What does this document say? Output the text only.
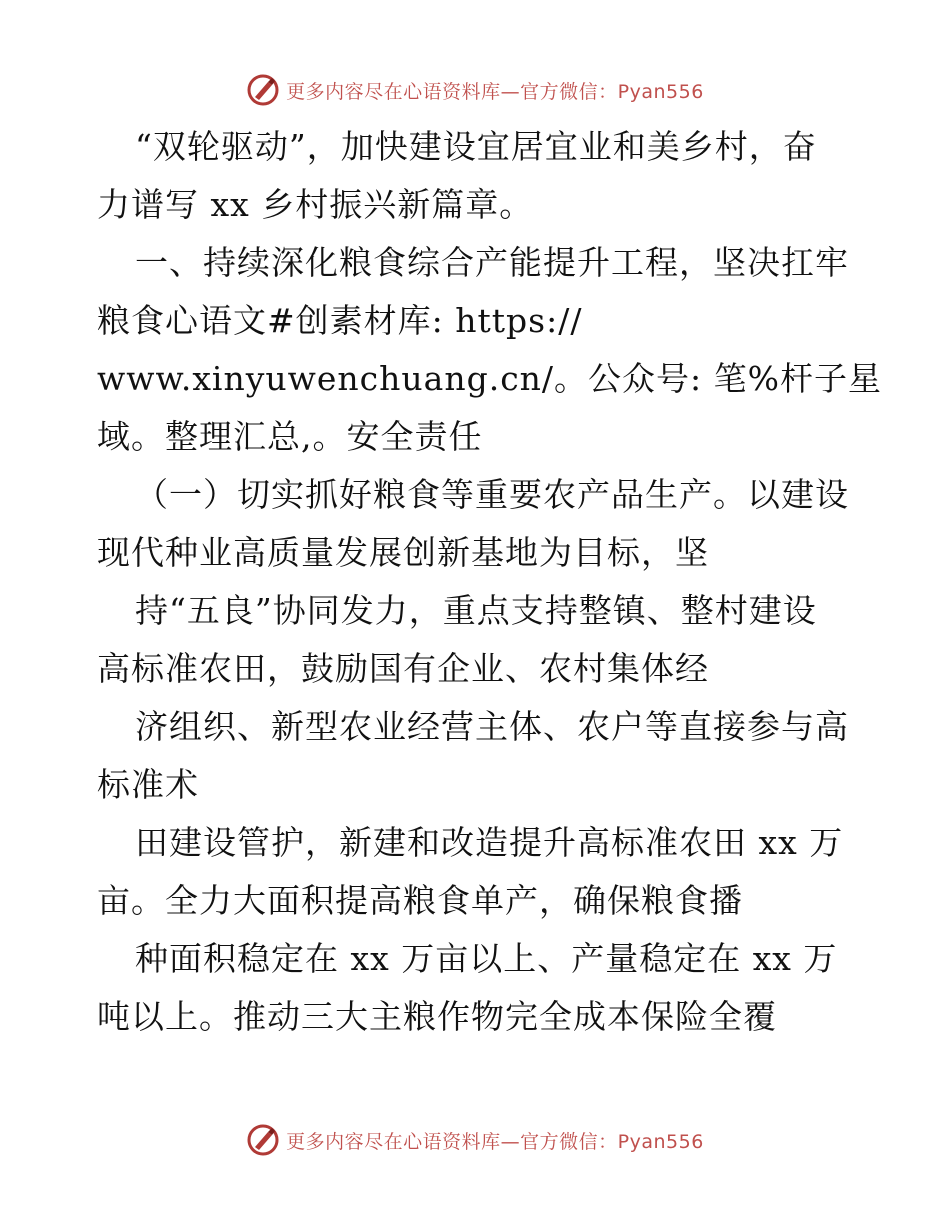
更多内容尽在心语资料库—官方微信：Pyan556
“双轮驱动”，加快建设宜居宜业和美乡村，奋
力谱写 xx 乡村振兴新篇章。
一、持续深化粮食综合产能提升工程，坚决扛牢
粮食心语文#创素材库: https://
www.xinyuwenchuang.cn/。公众号: 笔%杆子星
域。整理汇总,。安全责任
（一）切实抓好粮食等重要农产品生产。以建设
现代种业高质量发展创新基地为目标，坚
持“五良”协同发力，重点支持整镇、整村建设
高标准农田，鼓励国有企业、农村集体经
济组织、新型农业经营主体、农户等直接参与高
标准术
田建设管护，新建和改造提升高标准农田 xx 万
亩。全力大面积提高粮食单产，确保粮食播
种面积稳定在 xx 万亩以上、产量稳定在 xx 万
吨以上。推动三大主粮作物完全成本保险全覆
更多内容尽在心语资料库—官方微信：Pyan556
